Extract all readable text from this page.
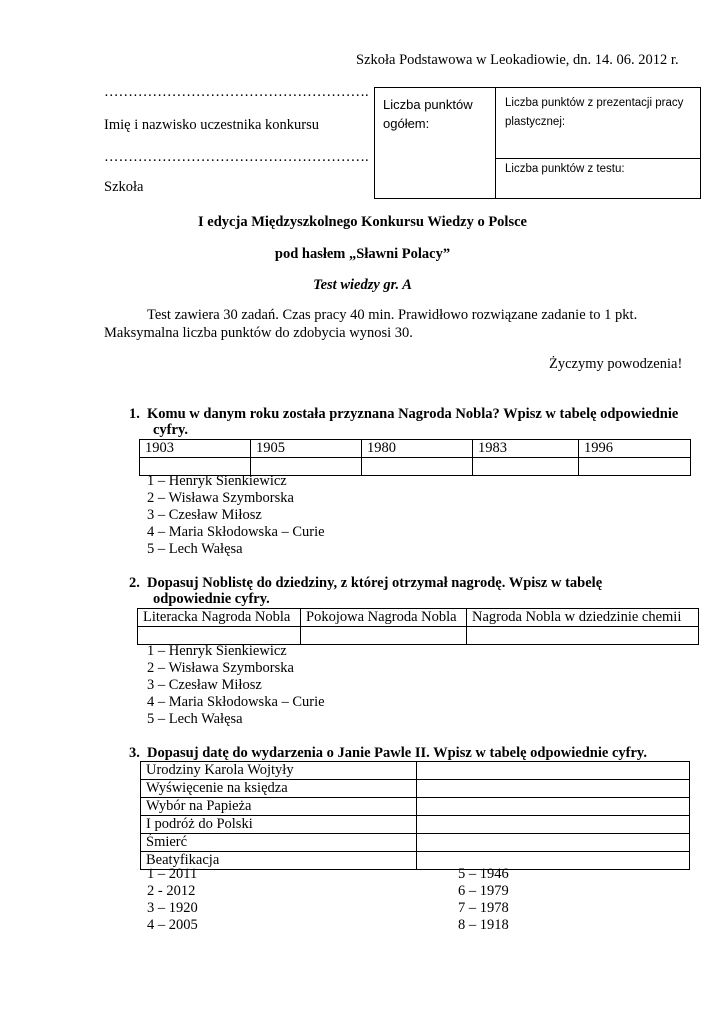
Szkoła Podstawowa w Leokadiowie, dn. 14. 06. 2012 r.
……………………………………………….
Imię i nazwisko uczestnika konkursu
……………………………………………….
Szkoła
Liczba punktów ogółem:
Liczba punktów z prezentacji pracy plastycznej:
Liczba punktów z testu:
I edycja Międzyszkolnego Konkursu Wiedzy o Polsce
pod hasłem „Sławni Polacy”
Test wiedzy gr. A
Test zawiera 30 zadań. Czas pracy 40 min. Prawidłowo rozwiązane zadanie to 1 pkt.
Maksymalna liczba punktów do zdobycia wynosi 30.
Życzymy powodzenia!
1. Komu w danym roku została przyznana Nagroda Nobla? Wpisz w tabelę odpowiednie
cyfry.
1903	1905	1980	1983	1996

1 – Henryk Sienkiewicz
2 – Wisława Szymborska
3 – Czesław Miłosz
4 – Maria Skłodowska – Curie
5 – Lech Wałęsa
2. Dopasuj Noblistę do dziedziny, z której otrzymał nagrodę. Wpisz w tabelę
odpowiednie cyfry.
Literacka Nagroda Nobla	Pokojowa Nagroda Nobla	Nagroda Nobla w dziedzinie chemii

1 – Henryk Sienkiewicz
2 – Wisława Szymborska
3 – Czesław Miłosz
4 – Maria Skłodowska – Curie
5 – Lech Wałęsa
3. Dopasuj datę do wydarzenia o Janie Pawle II. Wpisz w tabelę odpowiednie cyfry.
Urodziny Karola Wojtyły	
Wyświęcenie na księdza	
Wybór na Papieża	
I podróż do Polski	
Śmierć	
Beatyfikacja	
1 – 2011
2 - 2012
3 – 1920
4 – 2005
5 – 1946
6 – 1979
7 – 1978
8 – 1918
